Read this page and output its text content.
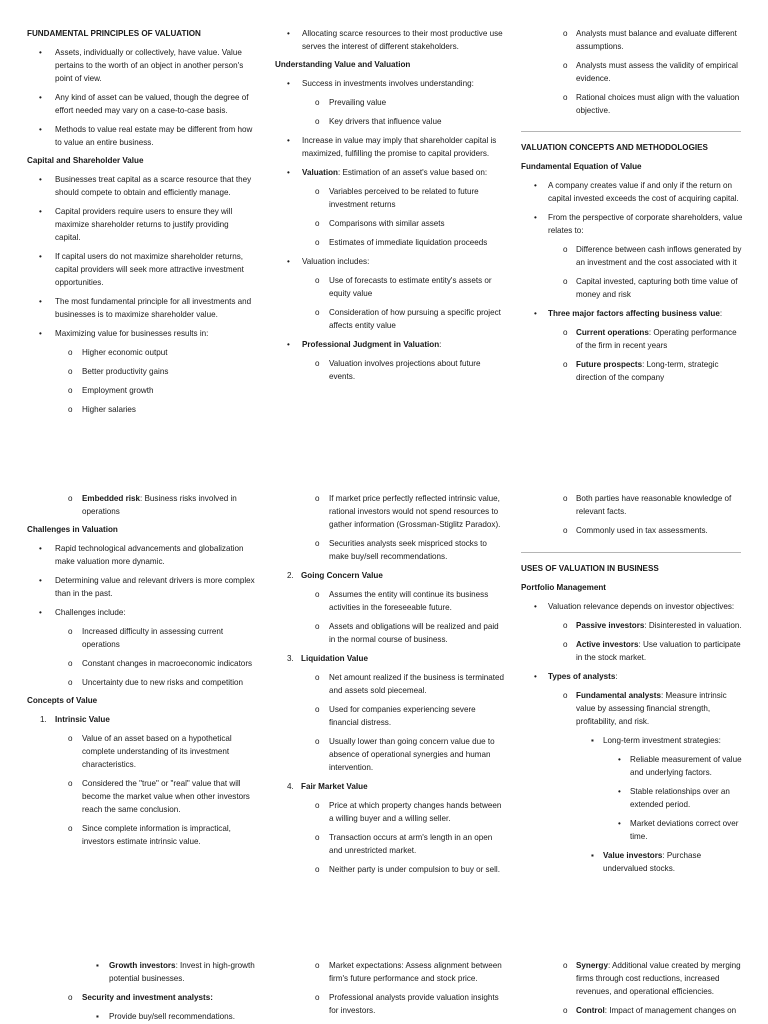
FUNDAMENTAL PRINCIPLES OF VALUATION
• Assets, individually or collectively, have value. Value pertains to the worth of an object in another person's point of view.
• Any kind of asset can be valued, though the degree of effort needed may vary on a case-to-case basis.
• Methods to value real estate may be different from how to value an entire business.
Capital and Shareholder Value
• Businesses treat capital as a scarce resource that they should compete to obtain and efficiently manage.
• Capital providers require users to ensure they will maximize shareholder returns to justify providing capital.
• If capital users do not maximize shareholder returns, capital providers will seek more attractive investment opportunities.
• The most fundamental principle for all investments and businesses is to maximize shareholder value.
• Maximizing value for businesses results in:
o Higher economic output
o Better productivity gains
o Employment growth
o Higher salaries
• Allocating scarce resources to their most productive use serves the interest of different stakeholders.
Understanding Value and Valuation
• Success in investments involves understanding:
o Prevailing value
o Key drivers that influence value
• Increase in value may imply that shareholder capital is maximized, fulfilling the promise to capital providers.
• Valuation: Estimation of an asset's value based on:
o Variables perceived to be related to future investment returns
o Comparisons with similar assets
o Estimates of immediate liquidation proceeds
• Valuation includes:
o Use of forecasts to estimate entity's assets or equity value
o Consideration of how pursuing a specific project affects entity value
• Professional Judgment in Valuation:
o Valuation involves projections about future events.
o Analysts must balance and evaluate different assumptions.
o Analysts must assess the validity of empirical evidence.
o Rational choices must align with the valuation objective.
VALUATION CONCEPTS AND METHODOLOGIES
Fundamental Equation of Value
• A company creates value if and only if the return on capital invested exceeds the cost of acquiring capital.
• From the perspective of corporate shareholders, value relates to:
o Difference between cash inflows generated by an investment and the cost associated with it
o Capital invested, capturing both time value of money and risk
• Three major factors affecting business value:
o Current operations: Operating performance of the firm in recent years
o Future prospects: Long-term, strategic direction of the company
o Embedded risk: Business risks involved in operations
Challenges in Valuation
• Rapid technological advancements and globalization make valuation more dynamic.
• Determining value and relevant drivers is more complex than in the past.
• Challenges include:
o Increased difficulty in assessing current operations
o Constant changes in macroeconomic indicators
o Uncertainty due to new risks and competition
Concepts of Value
1. Intrinsic Value
o Value of an asset based on a hypothetical complete understanding of its investment characteristics.
o Considered the "true" or "real" value that will become the market value when other investors reach the same conclusion.
o Since complete information is impractical, investors estimate intrinsic value.
o If market price perfectly reflected intrinsic value, rational investors would not spend resources to gather information (Grossman-Stiglitz Paradox).
o Securities analysts seek mispriced stocks to make buy/sell recommendations.
2. Going Concern Value
o Assumes the entity will continue its business activities in the foreseeable future.
o Assets and obligations will be realized and paid in the normal course of business.
3. Liquidation Value
o Net amount realized if the business is terminated and assets sold piecemeal.
o Used for companies experiencing severe financial distress.
o Usually lower than going concern value due to absence of operational synergies and human intervention.
4. Fair Market Value
o Price at which property changes hands between a willing buyer and a willing seller.
o Transaction occurs at arm's length in an open and unrestricted market.
o Neither party is under compulsion to buy or sell.
o Both parties have reasonable knowledge of relevant facts.
o Commonly used in tax assessments.
USES OF VALUATION IN BUSINESS
Portfolio Management
• Valuation relevance depends on investor objectives:
o Passive investors: Disinterested in valuation.
o Active investors: Use valuation to participate in the stock market.
• Types of analysts:
o Fundamental analysts: Measure intrinsic value by assessing financial strength, profitability, and risk.
▪ Long-term investment strategies:
• Reliable measurement of value and underlying factors.
• Stable relationships over an extended period.
• Market deviations correct over time.
▪ Value investors: Purchase undervalued stocks.
▪ Growth investors: Invest in high-growth potential businesses.
o Security and investment analysts:
▪ Provide buy/sell recommendations.
o Market expectations: Assess alignment between firm's future performance and stock price.
o Professional analysts provide valuation insights for investors.
o Synergy: Additional value created by merging firms through cost reductions, increased revenues, and operational efficiencies.
o Control: Impact of management changes on
